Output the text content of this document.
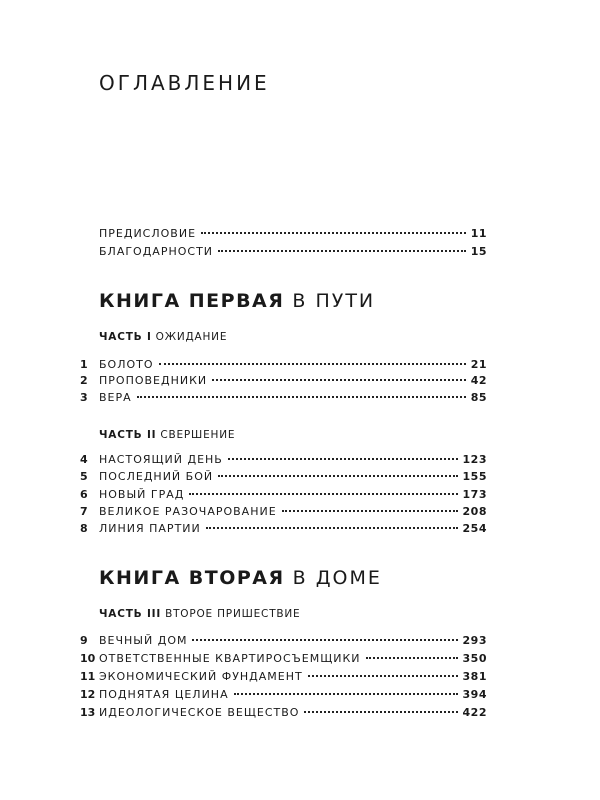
ОГЛАВЛЕНИЕ
ПРЕДИСЛОВИЕ	11
БЛАГОДАРНОСТИ	15
КНИГА ПЕРВАЯ В ПУТИ
ЧАСТЬ I ОЖИДАНИЕ
1	БОЛОТО	21
2	ПРОПОВЕДНИКИ	42
3	ВЕРА	85
ЧАСТЬ II СВЕРШЕНИЕ
4	НАСТОЯЩИЙ ДЕНЬ	123
5	ПОСЛЕДНИЙ БОЙ	155
6	НОВЫЙ ГРАД	173
7	ВЕЛИКОЕ РАЗОЧАРОВАНИЕ	208
8	ЛИНИЯ ПАРТИИ	254
КНИГА ВТОРАЯ В ДОМЕ
ЧАСТЬ III ВТОРОЕ ПРИШЕСТВИЕ
9	ВЕЧНЫЙ ДОМ	293
10 ОТВЕТСТВЕННЫЕ КВАРТИРОСЪЕМЩИКИ	350
11 ЭКОНОМИЧЕСКИЙ ФУНДАМЕНТ	381
12 ПОДНЯТАЯ ЦЕЛИНА	394
13 ИДЕОЛОГИЧЕСКОЕ ВЕЩЕСТВО	422
